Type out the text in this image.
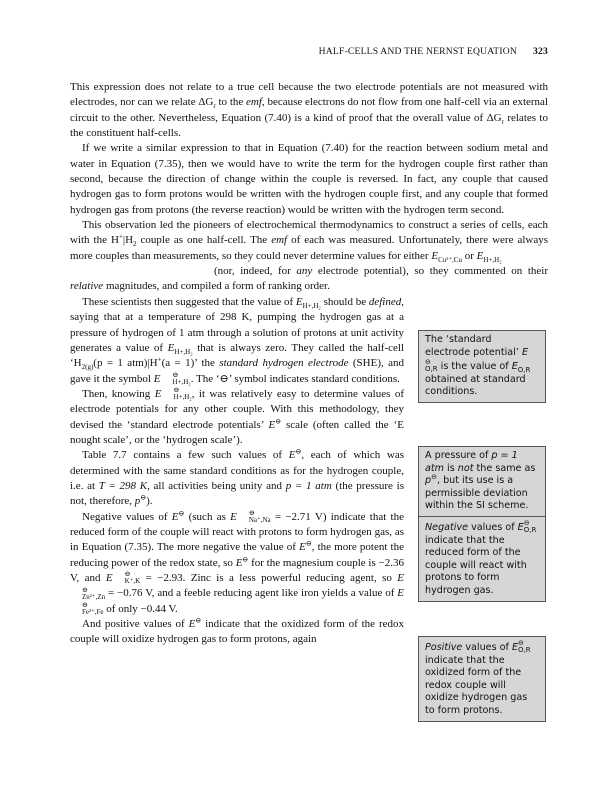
HALF-CELLS AND THE NERNST EQUATION 323

This expression does not relate to a true cell because the two electrode potentials are not measured with electrodes, nor can we relate $\Delta G_r$ to the emf, because electrons do not flow from one half-cell via an external circuit to the other. Nevertheless, Equation (7.40) is a kind of proof that the overall value of $\Delta G_r$ relates to the constituent half-cells.

If we write a similar expression to that in Equation (7.40) for the reaction between sodium metal and water in Equation (7.35), then we would have to write the term for the hydrogen couple first rather than second, because the direction of change within the couple is reversed. In fact, any couple that caused hydrogen gas to form protons would be written with the hydrogen couple first, and any couple that formed hydrogen gas from protons (the reverse reaction) would be written with the hydrogen term second.

This observation led the pioneers of electrochemical thermodynamics to construct a series of cells, each with the $H^+|H_2$ couple as one half-cell. The emf of each was measured. Unfortunately, there were always more couples than measurements, so they could never determine values for either $E_{Cu^{2+},Cu}$ or $E_{H+,H_2}$
(nor, indeed, for any electrode potential), so they commented on their relative magnitudes, and compiled a form of ranking order.

These scientists then suggested that the value of $E_{H+,H_2}$ should be defined, saying that at a temperature of 298 K, pumping the hydrogen gas at a pressure of hydrogen of 1 atm through a solution of protons at unit activity generates a value of $E_{H+,H_2}$ that is always zero. They called the half-cell ‘$H_{2(g)}(p = 1$ atm)|H+(a = 1)’ the standard hydrogen electrode (SHE), and gave it the symbol E	⊖
H+,H₂ . The ‘⊖’ symbol indicates standard conditions.

Then, knowing E	⊖
H+,H₂ , it was relatively easy to determine values of electrode potentials for any other couple. With this methodology, they devised the ‘standard electrode potentials’ E⊖ scale (often called the ‘E nought scale’, or the ‘hydrogen scale’).

Table 7.7 contains a few such values of E⊖, each of which was determined with the same standard conditions as for the hydrogen couple, i.e. at T = 298 K, all activities being unity and p = 1 atm (the pressure is not, therefore, p⊖).

Negative values of E⊖ (such as E	⊖
Na⁺,Na = −2.71 V) indicate that the reduced form of the couple will react with protons to form hydrogen gas, as in Equation (7.35). The more negative the value of E⊖, the more potent the reducing power of the redox state, so E⊖ for the magnesium couple is −2.36 V, and E	⊖
K⁺,K = −2.93. Zinc is a less powerful reducing agent, so E
⊖
Zn²⁺,Zn = −0.76 V, and a feeble reducing agent like iron yields a value of E
⊖
Fe³⁺,Fe of only −0.44 V.

And positive values of E⊖ indicate that the oxidized form of the redox couple will oxidize hydrogen gas to form protons, again

The ‘standard electrode potential’ E
⊖
O,R is the value of $E_{O,R}$ obtained at standard conditions.
A pressure of p = 1 atm is not the same as p⊖, but its use is a permissible deviation within the SI scheme.
Negative values of E ⊖
O,R
indicate that the reduced form of the couple will react with protons to form hydrogen gas.
Positive values of E ⊖
O,R
indicate that the oxidized form of the redox couple will oxidize hydrogen gas to form protons.
